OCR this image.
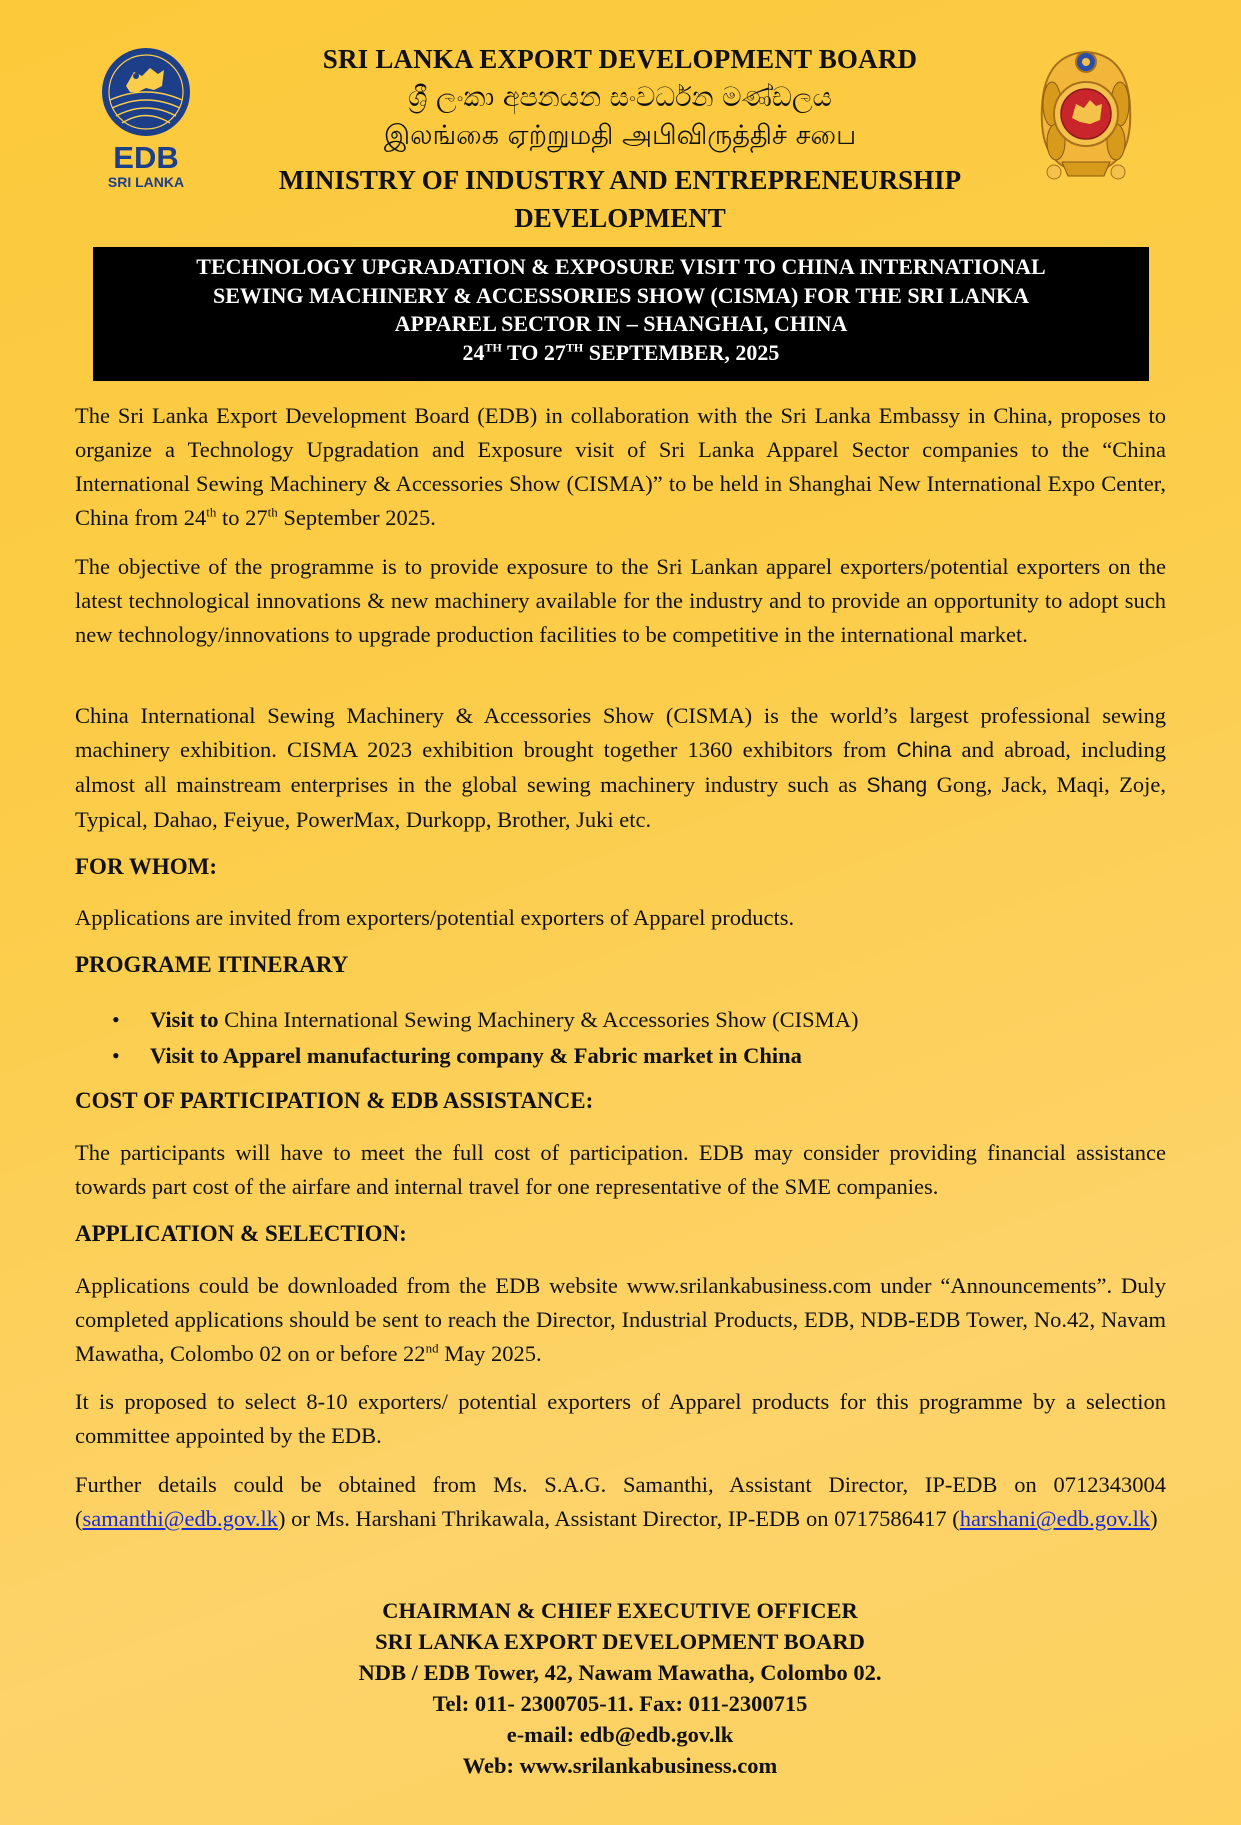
EDB
SRI LANKA
SRI LANKA EXPORT DEVELOPMENT BOARD
ශ්‍රී ලංකා අපනයන සංවර්ධන මණ්ඩලය
இலங்கை ஏற்றுமதி அபிவிருத்திச் சபை
MINISTRY OF INDUSTRY AND ENTREPRENEURSHIP
DEVELOPMENT
TECHNOLOGY UPGRADATION & EXPOSURE VISIT TO CHINA INTERNATIONAL
SEWING MACHINERY & ACCESSORIES SHOW (CISMA) FOR THE SRI LANKA
APPAREL SECTOR IN – SHANGHAI, CHINA
24TH TO 27TH SEPTEMBER, 2025

The Sri Lanka Export Development Board (EDB) in collaboration with the Sri Lanka Embassy in China, proposes to organize a Technology Upgradation and Exposure visit of Sri Lanka Apparel Sector companies to the “China International Sewing Machinery & Accessories Show (CISMA)” to be held in Shanghai New International Expo Center, China from 24th to 27th September 2025.

The objective of the programme is to provide exposure to the Sri Lankan apparel exporters/potential exporters on the latest technological innovations & new machinery available for the industry and to provide an opportunity to adopt such new technology/innovations to upgrade production facilities to be competitive in the international market.

China International Sewing Machinery & Accessories Show (CISMA) is the world’s largest professional sewing machinery exhibition. CISMA 2023 exhibition brought together 1360 exhibitors from China and abroad, including almost all mainstream enterprises in the global sewing machinery industry such as Shang Gong, Jack, Maqi, Zoje, Typical, Dahao, Feiyue, PowerMax, Durkopp, Brother, Juki etc.

FOR WHOM:

Applications are invited from exporters/potential exporters of Apparel products.

PROGRAME ITINERARY
• Visit to China International Sewing Machinery & Accessories Show (CISMA)
• Visit to Apparel manufacturing company & Fabric market in China
COST OF PARTICIPATION & EDB ASSISTANCE:

The participants will have to meet the full cost of participation. EDB may consider providing financial assistance towards part cost of the airfare and internal travel for one representative of the SME companies.

APPLICATION & SELECTION:

Applications could be downloaded from the EDB website www.srilankabusiness.com under “Announcements”. Duly completed applications should be sent to reach the Director, Industrial Products, EDB, NDB-EDB Tower, No.42, Navam Mawatha, Colombo 02 on or before 22nd May 2025.

It is proposed to select 8-10 exporters/ potential exporters of Apparel products for this programme by a selection committee appointed by the EDB.

Further details could be obtained from Ms. S.A.G. Samanthi, Assistant Director, IP-EDB on 0712343004 (samanthi@edb.gov.lk) or Ms. Harshani Thrikawala, Assistant Director, IP-EDB on 0717586417 (harshani@edb.gov.lk)

CHAIRMAN & CHIEF EXECUTIVE OFFICER
SRI LANKA EXPORT DEVELOPMENT BOARD
NDB / EDB Tower, 42, Nawam Mawatha, Colombo 02.
Tel: 011- 2300705-11. Fax: 011-2300715
e-mail: edb@edb.gov.lk
Web: www.srilankabusiness.com
